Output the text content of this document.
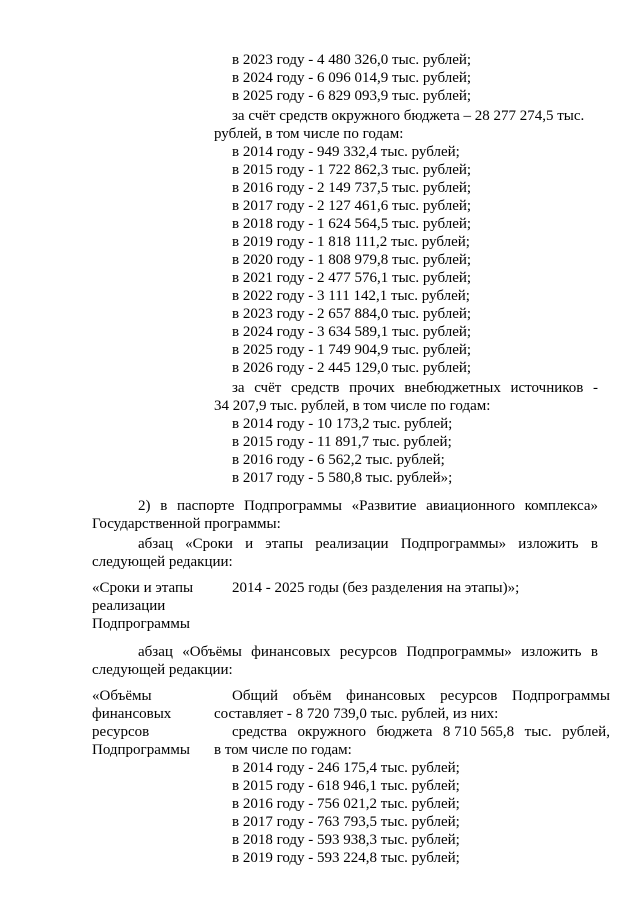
в 2023 году - 4 480 326,0 тыс. рублей;
в 2024 году - 6 096 014,9 тыс. рублей;
в 2025 году - 6 829 093,9 тыс. рублей;
за счёт средств окружного бюджета – 28 277 274,5 тыс.
рублей, в том числе по годам:
в 2014 году - 949 332,4 тыс. рублей;
в 2015 году - 1 722 862,3 тыс. рублей;
в 2016 году - 2 149 737,5 тыс. рублей;
в 2017 году - 2 127 461,6 тыс. рублей;
в 2018 году - 1 624 564,5 тыс. рублей;
в 2019 году - 1 818 111,2 тыс. рублей;
в 2020 году - 1 808 979,8 тыс. рублей;
в 2021 году - 2 477 576,1 тыс. рублей;
в 2022 году - 3 111 142,1 тыс. рублей;
в 2023 году - 2 657 884,0 тыс. рублей;
в 2024 году - 3 634 589,1 тыс. рублей;
в 2025 году - 1 749 904,9 тыс. рублей;
в 2026 году - 2 445 129,0 тыс. рублей;
за счёт средств прочих внебюджетных источников -
34 207,9 тыс. рублей, в том числе по годам:
в 2014 году - 10 173,2 тыс. рублей;
в 2015 году - 11 891,7 тыс. рублей;
в 2016 году - 6 562,2 тыс. рублей;
в 2017 году - 5 580,8 тыс. рублей»;
2) в паспорте Подпрограммы «Развитие авиационного комплекса»
Государственной программы:
абзац «Сроки и этапы реализации Подпрограммы» изложить в
следующей редакции:
«Сроки и этапы
реализации
Подпрограммы
2014 - 2025 годы (без разделения на этапы)»;
абзац «Объёмы финансовых ресурсов Подпрограммы» изложить в
следующей редакции:
«Объёмы
финансовых
ресурсов
Подпрограммы
Общий объём финансовых ресурсов Подпрограммы
составляет - 8 720 739,0 тыс. рублей, из них:
средства окружного бюджета 8 710 565,8 тыс. рублей,
в том числе по годам:
в 2014 году - 246 175,4 тыс. рублей;
в 2015 году - 618 946,1 тыс. рублей;
в 2016 году - 756 021,2 тыс. рублей;
в 2017 году - 763 793,5 тыс. рублей;
в 2018 году - 593 938,3 тыс. рублей;
в 2019 году - 593 224,8 тыс. рублей;
